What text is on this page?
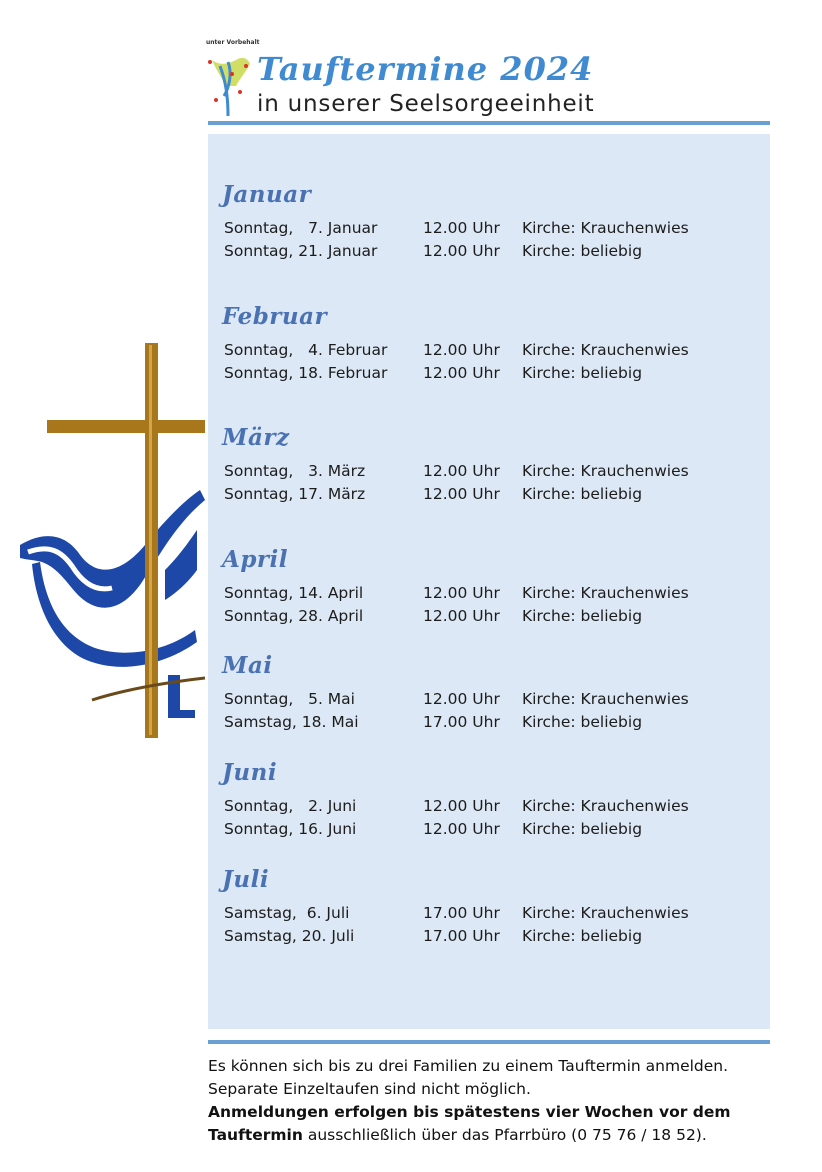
unter Vorbehalt
Tauftermine 2024
in unserer Seelsorgeeinheit
Januar
Sonntag,   7. Januar	12.00 Uhr Kirche: Krauchenwies
Sonntag, 21. Januar	12.00 Uhr Kirche: beliebig
Februar
Sonntag,   4. Februar 12.00 Uhr Kirche: Krauchenwies
Sonntag, 18. Februar 12.00 Uhr Kirche: beliebig
März
Sonntag,   3. März	12.00 Uhr Kirche: Krauchenwies
Sonntag, 17. März	12.00 Uhr Kirche: beliebig
April
Sonntag, 14. April	12.00 Uhr Kirche: Krauchenwies
Sonntag, 28. April	12.00 Uhr Kirche: beliebig
Mai
Sonntag,   5. Mai	12.00 Uhr Kirche: Krauchenwies
Samstag, 18. Mai	17.00 Uhr Kirche: beliebig
Juni
Sonntag,   2. Juni	12.00 Uhr Kirche: Krauchenwies
Sonntag, 16. Juni	12.00 Uhr Kirche: beliebig
Juli
Samstag,  6. Juli	17.00 Uhr Kirche: Krauchenwies
Samstag, 20. Juli	17.00 Uhr Kirche: beliebig

Es können sich bis zu drei Familien zu einem Tauftermin anmelden.

Separate Einzeltaufen sind nicht möglich.

Anmeldungen erfolgen bis spätestens vier Wochen vor dem

Tauftermin ausschließlich über das Pfarrbüro (0 75 76 / 18 52).
